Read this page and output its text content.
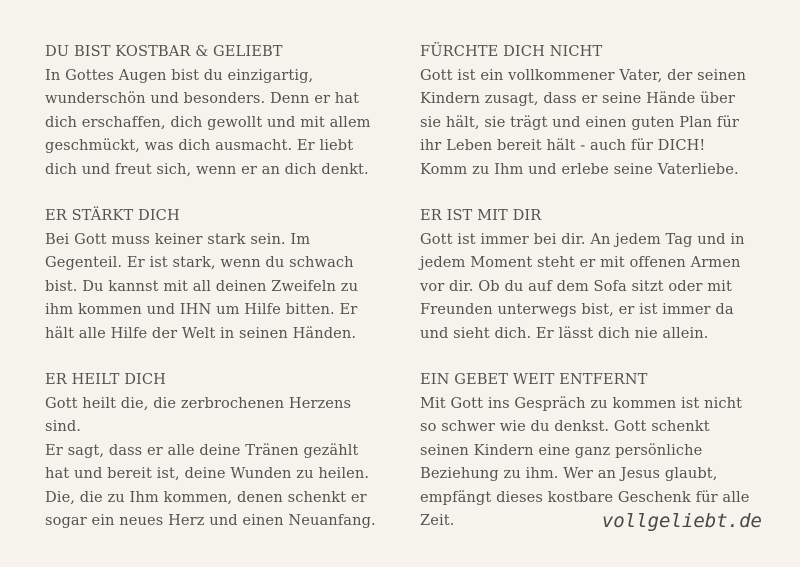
DU BIST KOSTBAR & GELIEBT

In Gottes Augen bist du einzigartig,
wunderschön und besonders. Denn er hat
dich erschaffen, dich gewollt und mit allem
geschmückt, was dich ausmacht. Er liebt
dich und freut sich, wenn er an dich denkt.

ER STÄRKT DICH

Bei Gott muss keiner stark sein. Im
Gegenteil. Er ist stark, wenn du schwach
bist. Du kannst mit all deinen Zweifeln zu
ihm kommen und IHN um Hilfe bitten. Er
hält alle Hilfe der Welt in seinen Händen.

ER HEILT DICH

Gott heilt die, die zerbrochenen Herzens
sind.
Er sagt, dass er alle deine Tränen gezählt
hat und bereit ist, deine Wunden zu heilen.
Die, die zu Ihm kommen, denen schenkt er
sogar ein neues Herz und einen Neuanfang.

FÜRCHTE DICH NICHT

Gott ist ein vollkommener Vater, der seinen
Kindern zusagt, dass er seine Hände über
sie hält, sie trägt und einen guten Plan für
ihr Leben bereit hält - auch für DICH!
Komm zu Ihm und erlebe seine Vaterliebe.

ER IST MIT DIR

Gott ist immer bei dir. An jedem Tag und in
jedem Moment steht er mit offenen Armen
vor dir. Ob du auf dem Sofa sitzt oder mit
Freunden unterwegs bist, er ist immer da
und sieht dich. Er lässt dich nie allein.

EIN GEBET WEIT ENTFERNT

Mit Gott ins Gespräch zu kommen ist nicht
so schwer wie du denkst. Gott schenkt
seinen Kindern eine ganz persönliche
Beziehung zu ihm. Wer an Jesus glaubt,
empfängt dieses kostbare Geschenk für alle
Zeit.	vollgeliebt.de
